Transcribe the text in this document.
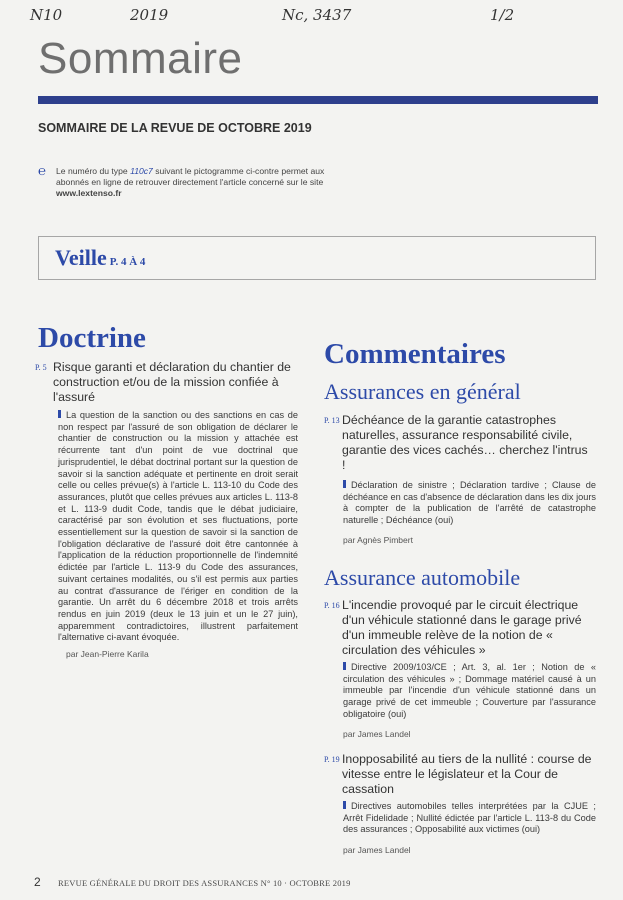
N10	2019	Nc, 3437	1/2
Sommaire
SOMMAIRE DE LA REVUE DE OCTOBRE 2019
℮ Le numéro du type 110c7 suivant le pictogramme ci-contre permet aux abonnés en ligne de retrouver directement l'article concerné sur le site www.lextenso.fr
Veille P. 4 À 4
Doctrine
P. 5 Risque garanti et déclaration du chantier de construction et/ou de la mission confiée à l'assuré
La question de la sanction ou des sanctions en cas de non respect par l'assuré de son obligation de déclarer le chantier de construction ou la mission y attachée est récurrente tant d'un point de vue doctrinal que jurisprudentiel, le débat doctrinal portant sur la question de savoir si la sanction adéquate et pertinente en droit serait celle ou celles prévue(s) à l'article L. 113-10 du Code des assurances, plutôt que celles prévues aux articles L. 113-8 et L. 113-9 dudit Code, tandis que le débat judiciaire, caractérisé par son évolution et ses fluctuations, porte essentiellement sur la question de savoir si la sanction de l'obligation déclarative de l'assuré doit être cantonnée à l'application de la réduction proportionnelle de l'indemnité édictée par l'article L. 113-9 du Code des assurances, suivant certaines modalités, ou s'il est permis aux parties au contrat d'assurance de l'ériger en condition de la garantie. Un arrêt du 6 décembre 2018 et trois arrêts rendus en juin 2019 (deux le 13 juin et un le 27 juin), apparemment contradictoires, illustrent parfaitement l'alternative ci-avant évoquée.
par Jean-Pierre Karila
Commentaires
Assurances en général
P. 13 Déchéance de la garantie catastrophes naturelles, assurance responsabilité civile, garantie des vices cachés… cherchez l'intrus !
Déclaration de sinistre ; Déclaration tardive ; Clause de déchéance en cas d'absence de déclaration dans les dix jours à compter de la publication de l'arrêté de catastrophe naturelle ; Déchéance (oui)
par Agnès Pimbert
Assurance automobile
P. 16 L'incendie provoqué par le circuit électrique d'un véhicule stationné dans le garage privé d'un immeuble relève de la notion de « circulation des véhicules »
Directive 2009/103/CE ; Art. 3, al. 1er ; Notion de « circulation des véhicules » ; Dommage matériel causé à un immeuble par l'incendie d'un véhicule stationné dans un garage privé de cet immeuble ; Couverture par l'assurance obligatoire (oui)
par James Landel
P. 19 Inopposabilité au tiers de la nullité : course de vitesse entre le législateur et la Cour de cassation
Directives automobiles telles interprétées par la CJUE ; Arrêt Fidelidade ; Nullité édictée par l'article L. 113-8 du Code des assurances ; Opposabilité aux victimes (oui)
par James Landel
2 REVUE GÉNÉRALE DU DROIT DES ASSURANCES N° 10 · OCTOBRE 2019
